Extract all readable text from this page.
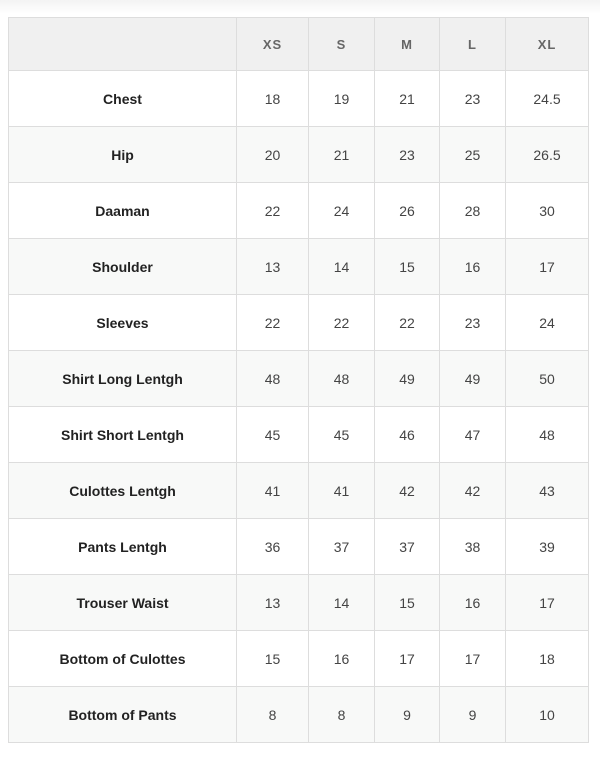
	XS	S	M	L	XL
Chest	18	19	21	23	24.5
Hip	20	21	23	25	26.5
Daaman	22	24	26	28	30
Shoulder	13	14	15	16	17
Sleeves	22	22	22	23	24
Shirt Long Lentgh	48	48	49	49	50
Shirt Short Lentgh	45	45	46	47	48
Culottes Lentgh	41	41	42	42	43
Pants Lentgh	36	37	37	38	39
Trouser Waist	13	14	15	16	17
Bottom of Culottes	15	16	17	17	18
Bottom of Pants	8	8	9	9	10
